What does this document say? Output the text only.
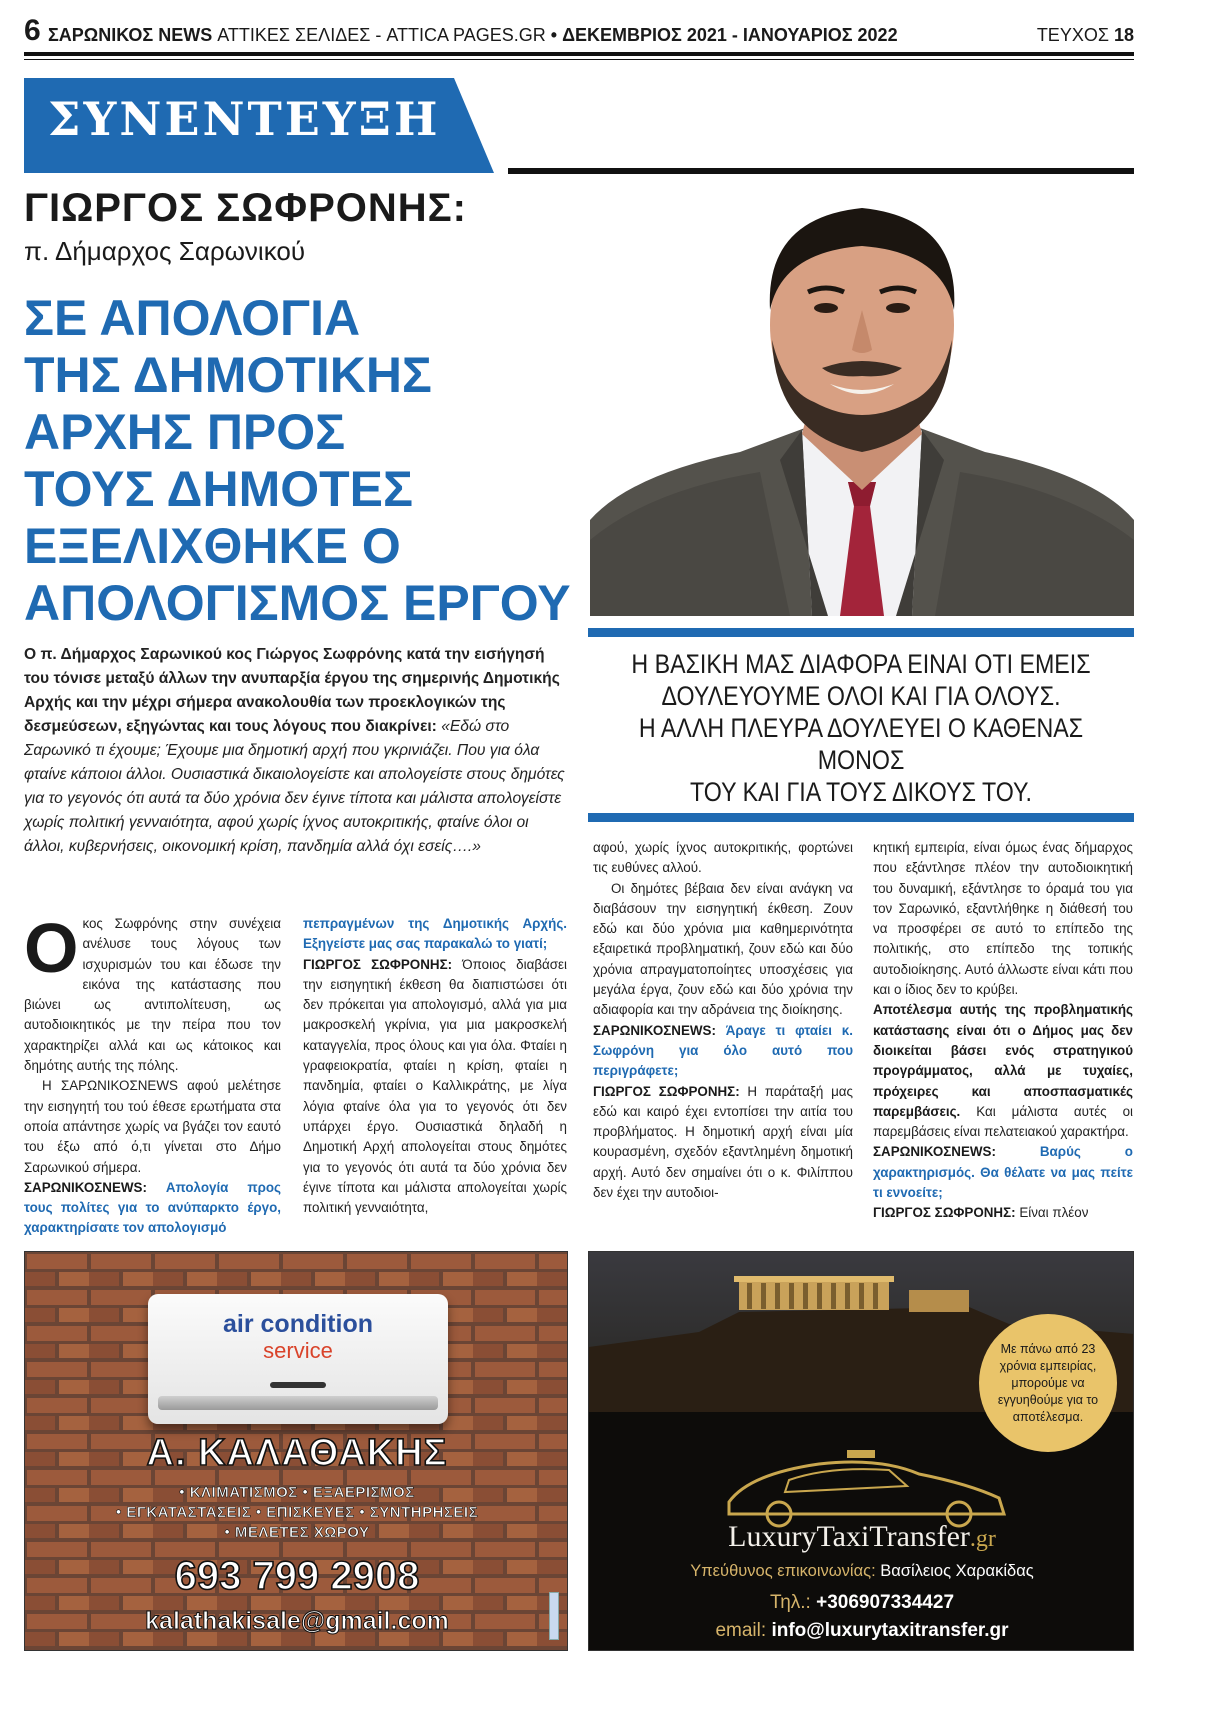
6 ΣΑΡΩΝΙΚΟΣ NEWS ΑΤΤΙΚΕΣ ΣΕΛΙΔΕΣ - ATTICA PAGES.GR • ΔΕΚΕΜΒΡΙΟΣ 2021 - ΙΑΝΟΥΑΡΙΟΣ 2022	ΤΕΥΧΟΣ 18
ΣΥΝΕΝΤΕΥΞΗ
ΓΙΩΡΓΟΣ ΣΩΦΡΟΝΗΣ:
π. Δήμαρχος Σαρωνικού
ΣΕ ΑΠΟΛΟΓΙΑ
ΤΗΣ ΔΗΜΟΤΙΚΗΣ
ΑΡΧΗΣ ΠΡΟΣ
ΤΟΥΣ ΔΗΜΟΤΕΣ
ΕΞΕΛΙΧΘΗΚΕ Ο
ΑΠΟΛΟΓΙΣΜΟΣ ΕΡΓΟΥ
Ο π. Δήμαρχος Σαρωνικού κος Γιώργος Σωφρόνης κατά την εισήγησή του τόνισε μεταξύ άλλων την ανυπαρξία έργου της σημερινής Δημοτικής Αρχής και την μέχρι σήμερα ανακολουθία των προεκλογικών της δεσμεύσεων, εξηγώντας και τους λόγους που διακρίνει: «Εδώ στο Σαρωνικό τι έχουμε; Έχουμε μια δημοτική αρχή που γκρινιάζει. Που για όλα φταίνε κάποιοι άλλοι. Ουσιαστικά δικαιολογείστε και απολογείστε στους δημότες για το γεγονός ότι αυτά τα δύο χρόνια δεν έγινε τίποτα και μάλιστα απολογείστε χωρίς πολιτική γενναιότητα, αφού χωρίς ίχνος αυτοκριτικής, φταίνε όλοι οι άλλοι, κυβερνήσεις, οικονομική κρίση, πανδημία αλλά όχι εσείς….»
Η ΒΑΣΙΚΗ ΜΑΣ ΔΙΑΦΟΡΑ ΕΙΝΑΙ ΟΤΙ ΕΜΕΙΣ
ΔΟΥΛΕΥΟΥΜΕ ΟΛΟΙ ΚΑΙ ΓΙΑ ΟΛΟΥΣ.
Η ΑΛΛΗ ΠΛΕΥΡΑ ΔΟΥΛΕΥΕΙ Ο ΚΑΘΕΝΑΣ ΜΟΝΟΣ
ΤΟΥ ΚΑΙ ΓΙΑ ΤΟΥΣ ΔΙΚΟΥΣ ΤΟΥ.

Ο κος Σωφρόνης στην συνέχεια ανέλυσε τους λόγους των ισχυρισμών του και έδωσε την εικόνα της κατάστασης που βιώνει ως αντιπολίτευση, ως αυτοδιοικητικός με την πείρα που τον χαρακτηρίζει αλλά και ως κάτοικος και δημότης αυτής της πόλης.

Η ΣΑΡΩΝΙΚΟΣNEWS αφού μελέτησε την εισηγητή του τού έθεσε ερωτήματα στα οποία απάντησε χωρίς να βγάζει τον εαυτό του έξω από ό,τι γίνεται στο Δήμο Σαρωνικού σήμερα.

ΣΑΡΩΝΙΚΟΣNEWS: Απολογία προς τους πολίτες για το ανύπαρκτο έργο, χαρακτηρίσατε τον απολογισμό

πεπραγμένων της Δημοτικής Αρχής. Εξηγείστε μας σας παρακαλώ το γιατί;

ΓΙΩΡΓΟΣ ΣΩΦΡΟΝΗΣ: Όποιος διαβάσει την εισηγητική έκθεση θα διαπιστώσει ότι δεν πρόκειται για απολογισμό, αλλά για μια μακροσκελή γκρίνια, για μια μακροσκελή καταγγελία, προς όλους και για όλα. Φταίει η γραφειοκρατία, φταίει η κρίση, φταίει η πανδημία, φταίει ο Καλλικράτης, με λίγα λόγια φταίνε όλα για το γεγονός ότι δεν υπάρχει έργο. Ουσιαστικά δηλαδή η Δημοτική Αρχή απολογείται στους δημότες για το γεγονός ότι αυτά τα δύο χρόνια δεν έγινε τίποτα και μάλιστα απολογείται χωρίς πολιτική γενναιότητα,

αφού, χωρίς ίχνος αυτοκριτικής, φορτώνει τις ευθύνες αλλού.

Οι δημότες βέβαια δεν είναι ανάγκη να διαβάσουν την εισηγητική έκθεση. Ζουν εδώ και δύο χρόνια μια καθημερινότητα εξαιρετικά προβληματική, ζουν εδώ και δύο χρόνια απραγματοποίητες υποσχέσεις για μεγάλα έργα, ζουν εδώ και δύο χρόνια την αδιαφορία και την αδράνεια της διοίκησης.

ΣΑΡΩΝΙΚΟΣNEWS: Άραγε τι φταίει κ. Σωφρόνη για όλο αυτό που περιγράφετε;

ΓΙΩΡΓΟΣ ΣΩΦΡΟΝΗΣ: Η παράταξή μας εδώ και καιρό έχει εντοπίσει την αιτία του προβλήματος. Η δημοτική αρχή είναι μία κουρασμένη, σχεδόν εξαντλημένη δημοτική αρχή. Αυτό δεν σημαίνει ότι ο κ. Φιλίππου δεν έχει την αυτοδιοι-

κητική εμπειρία, είναι όμως ένας δήμαρχος που εξάντλησε πλέον την αυτοδιοικητική του δυναμική, εξάντλησε το όραμά του για τον Σαρωνικό, εξαντλήθηκε η διάθεσή του να προσφέρει σε αυτό το επίπεδο της πολιτικής, στο επίπεδο της τοπικής αυτοδιοίκησης. Αυτό άλλωστε είναι κάτι που και ο ίδιος δεν το κρύβει.

Αποτέλεσμα αυτής της προβληματικής κατάστασης είναι ότι ο Δήμος μας δεν διοικείται βάσει ενός στρατηγικού προγράμματος, αλλά με τυχαίες, πρόχειρες και αποσπασματικές παρεμβάσεις. Και μάλιστα αυτές οι παρεμβάσεις είναι πελατειακού χαρακτήρα.

ΣΑΡΩΝΙΚΟΣNEWS: Βαρύς ο χαρακτηρισμός. Θα θέλατε να μας πείτε τι ενvoείτε;

ΓΙΩΡΓΟΣ ΣΩΦΡΟΝΗΣ: Είναι πλέον

air condition
service
Α. ΚΑΛΑΘΑΚΗΣ
• ΚΛΙΜΑΤΙΣΜΟΣ • ΕΞΑΕΡΙΣΜΟΣ
• ΕΓΚΑΤΑΣΤΑΣΕΙΣ • ΕΠΙΣΚΕΥΕΣ • ΣΥΝΤΗΡΗΣΕΙΣ
• ΜΕΛΕΤΕΣ ΧΩΡΟΥ
693 799 2908
kalathakisale@gmail.com
Με πάνω από 23 χρόνια εμπειρίας, μπορούμε να εγγυηθούμε για το αποτέλεσμα.
LuxuryTaxiTransfer.gr
Υπεύθυνος επικοινωνίας: Βασίλειος Χαρακίδας
Τηλ.: +306907334427
email: info@luxurytaxitransfer.gr
